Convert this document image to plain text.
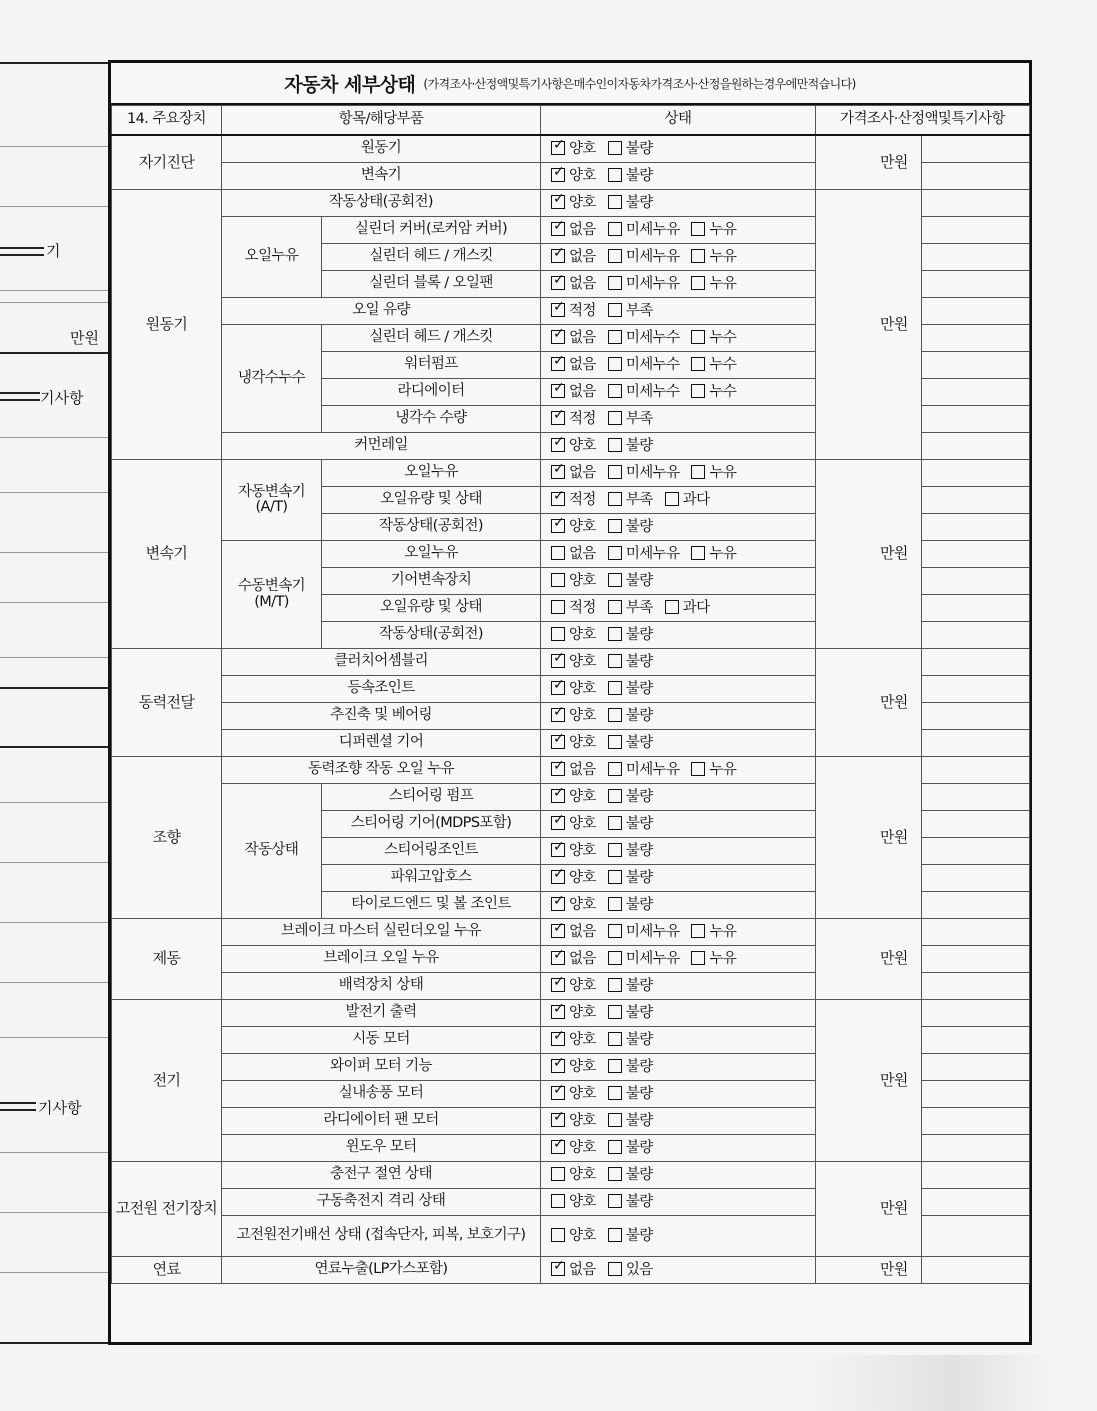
기
만원
기사항
기사항
자동차 세부상태 (가격조사·산정액및특기사항은매수인이자동차가격조사·산정을원하는경우에만적습니다)
14. 주요장치	항목/해당부품		상태	가격조사·산정액및특기사항	
자기진단	원동기	✓양호 불량	만원	
	변속기	✓양호 불량	
원동기	작동상태(공회전)	✓양호 불량	만원	
	오일누유	실린더 커버(로커암 커버)	✓없음 미세누유 누유	
		실린더 헤드 / 개스킷	✓없음 미세누유 누유	
		실린더 블록 / 오일팬	✓없음 미세누유 누유	
	오일 유량	✓적정 부족	
	냉각수누수	실린더 헤드 / 개스킷	✓없음 미세누수 누수	
		워터펌프	✓없음 미세누수 누수	
		라디에이터	✓없음 미세누수 누수	
		냉각수 수량	✓적정 부족	
	커먼레일	✓양호 불량	
변속기	자동변속기 (A/T)	오일누유	✓없음 미세누유 누유	만원	
		오일유량 및 상태	✓적정 부족 과다	
		작동상태(공회전)	✓양호 불량	
	수동변속기 (M/T)	오일누유	없음 미세누유 누유		
		기어변속장치	양호 불량		
		오일유량 및 상태	적정 부족 과다		
		작동상태(공회전)	양호 불량		
동력전달	클러치어셈블리	✓양호 불량	만원	
	등속조인트	✓양호 불량	
	추진축 및 베어링	✓양호 불량	
	디퍼렌셜 기어	✓양호 불량	
조향	동력조향 작동 오일 누유	✓없음 미세누유 누유	만원	
	작동상태	스티어링 펌프	✓양호 불량	
		스티어링 기어(MDPS포함)	✓양호 불량	
		스티어링조인트	✓양호 불량	
		파워고압호스	✓양호 불량	
		타이로드엔드 및 볼 조인트	✓양호 불량	
제동	브레이크 마스터 실린더오일 누유	✓없음 미세누유 누유	만원	
	브레이크 오일 누유	✓없음 미세누유 누유	
	배력장치 상태	✓양호 불량	
전기	발전기 출력	✓양호 불량	만원	
	시동 모터	✓양호 불량	
	와이퍼 모터 기능	✓양호 불량	
	실내송풍 모터	✓양호 불량	
	라디에이터 팬 모터	✓양호 불량	
	윈도우 모터	✓양호 불량	
고전원 전기장치	충전구 절연 상태		양호 불량	만원	
	구동축전지 격리 상태		양호 불량		
	고전원전기배선 상태 (접속단자, 피복, 보호기구)		양호 불량		
연료	연료누출(LP가스포함)	✓없음 있음	만원	
